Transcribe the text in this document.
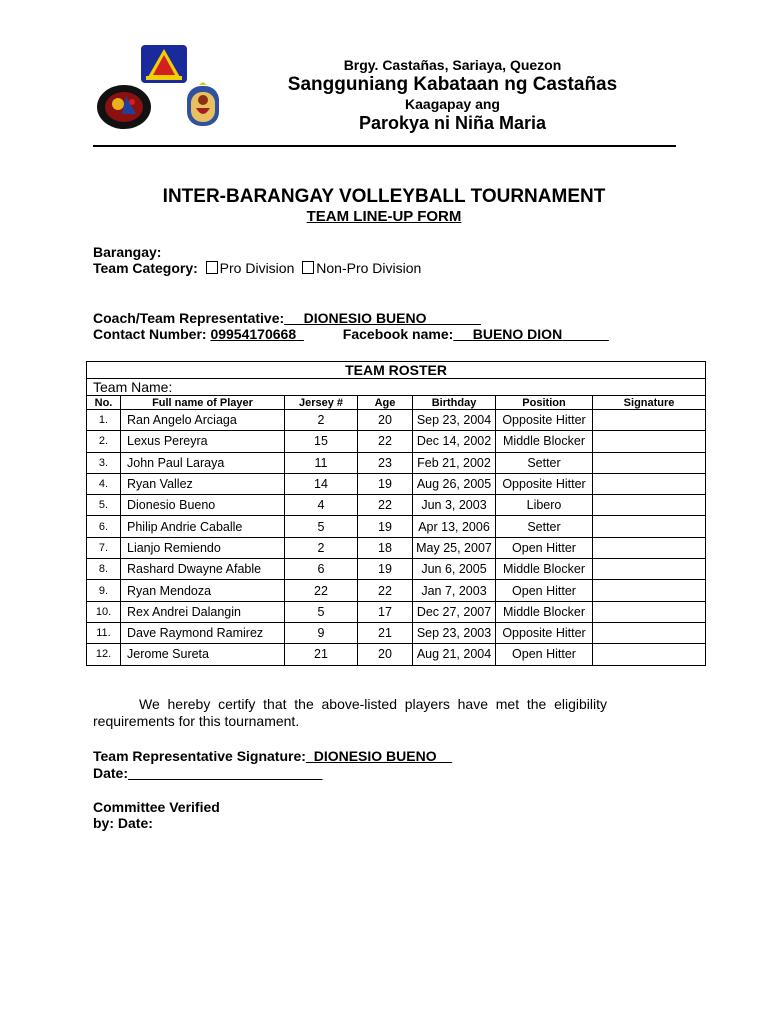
Brgy. Castañas, Sariaya, Quezon
Sangguniang Kabataan ng Castañas
Kaagapay ang
Parokya ni Niña Maria
INTER-BARANGAY VOLLEYBALL TOURNAMENT
TEAM LINE-UP FORM
Barangay:
Team Category: Pro Division Non-Pro Division
Coach/Team Representative: DIONESIO BUENO
Contact Number: 09954170668	Facebook name: BUENO DION
TEAM ROSTER						
Team Name:						
No.	Full name of Player	Jersey #	Age	Birthday	Position	Signature
1.	Ran Angelo Arciaga	2	20	Sep 23, 2004	Opposite Hitter	
2.	Lexus Pereyra	15	22	Dec 14, 2002	Middle Blocker	
3.	John Paul Laraya	11	23	Feb 21, 2002	Setter	
4.	Ryan Vallez	14	19	Aug 26, 2005	Opposite Hitter	
5.	Dionesio Bueno	4	22	Jun 3, 2003	Libero	
6.	Philip Andrie Caballe	5	19	Apr 13, 2006	Setter	
7.	Lianjo Remiendo	2	18	May 25, 2007	Open Hitter	
8.	Rashard Dwayne Afable	6	19	Jun 6, 2005	Middle Blocker	
9.	Ryan Mendoza	22	22	Jan 7, 2003	Open Hitter	
10.	Rex Andrei Dalangin	5	17	Dec 27, 2007	Middle Blocker	
11.	Dave Raymond Ramirez	9	21	Sep 23, 2003	Opposite Hitter	
12.	Jerome Sureta	21	20	Aug 21, 2004	Open Hitter	
We hereby certify that the above-listed players have met the eligibility requirements for this tournament.
Team Representative Signature: DIONESIO BUENO
Date:
Committee Verified
by: Date:
